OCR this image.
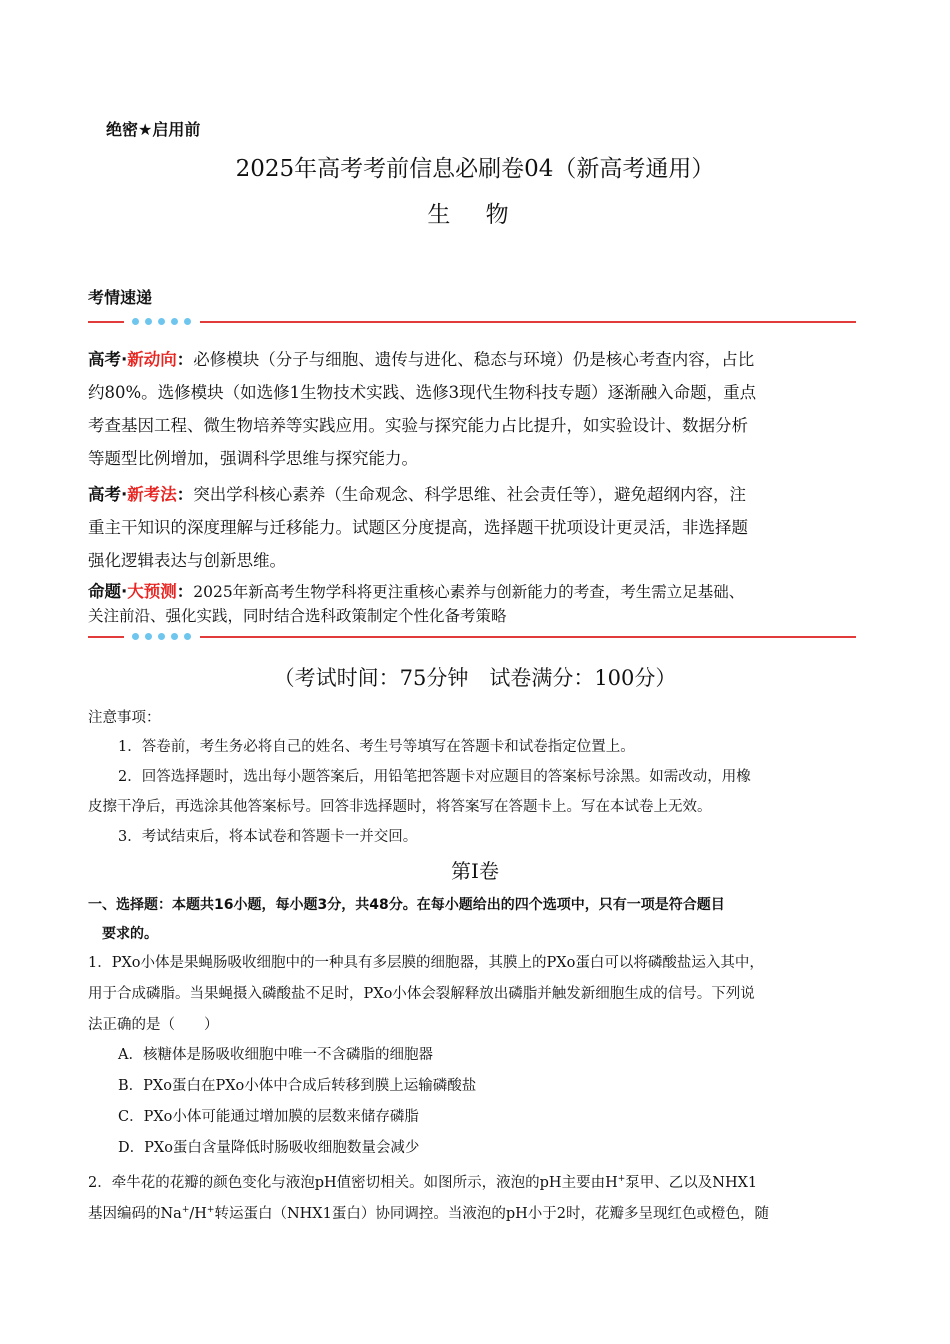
绝密★启用前
2025年高考考前信息必刷卷04（新高考通用）
生 物
考情速递
高考·新动向：必修模块（分子与细胞、遗传与进化、稳态与环境）仍是核心考查内容，占比
约80%。选修模块（如选修1生物技术实践、选修3现代生物科技专题）逐渐融入命题，重点
考查基因工程、微生物培养等实践应用。实验与探究能力占比提升，如实验设计、数据分析
等题型比例增加，强调科学思维与探究能力。
高考·新考法：突出学科核心素养（生命观念、科学思维、社会责任等），避免超纲内容，注
重主干知识的深度理解与迁移能力。试题区分度提高，选择题干扰项设计更灵活，非选择题
强化逻辑表达与创新思维。
命题·大预测：2025年新高考生物学科将更注重核心素养与创新能力的考查，考生需立足基础、
关注前沿、强化实践，同时结合选科政策制定个性化备考策略
（考试时间：75分钟　试卷满分：100分）
注意事项：
1．答卷前，考生务必将自己的姓名、考生号等填写在答题卡和试卷指定位置上。
2．回答选择题时，选出每小题答案后，用铅笔把答题卡对应题目的答案标号涂黑。如需改动，用橡
皮擦干净后，再选涂其他答案标号。回答非选择题时，将答案写在答题卡上。写在本试卷上无效。
3．考试结束后，将本试卷和答题卡一并交回。
第Ⅰ卷
一、选择题：本题共16小题，每小题3分，共48分。在每小题给出的四个选项中，只有一项是符合题目
要求的。
1．PXo小体是果蝇肠吸收细胞中的一种具有多层膜的细胞器，其膜上的PXo蛋白可以将磷酸盐运入其中，
用于合成磷脂。当果蝇摄入磷酸盐不足时，PXo小体会裂解释放出磷脂并触发新细胞生成的信号。下列说
法正确的是（　　）
A．核糖体是肠吸收细胞中唯一不含磷脂的细胞器
B．PXo蛋白在PXo小体中合成后转移到膜上运输磷酸盐
C．PXo小体可能通过增加膜的层数来储存磷脂
D．PXo蛋白含量降低时肠吸收细胞数量会减少
2．牵牛花的花瓣的颜色变化与液泡pH值密切相关。如图所示，液泡的pH主要由H+泵甲、乙以及NHX1
基因编码的Na+/H+转运蛋白（NHX1蛋白）协同调控。当液泡的pH小于2时，花瓣多呈现红色或橙色，随
